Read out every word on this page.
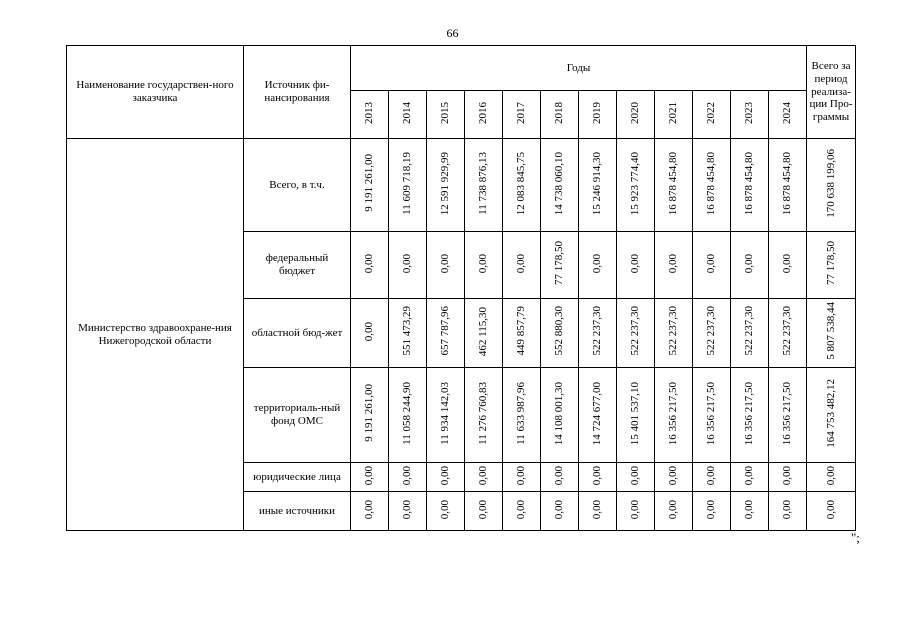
66
Наименование государствен-ного заказчика	Источник фи-нансирования	Годы												Всего за период реализа-ции Про-граммы
		2013	2014	2015	2016	2017	2018	2019	2020	2021	2022	2023	2024	
Министерство здравоохране-ния Нижегородской области	Всего, в т.ч.	9 191 261,00	11 609 718,19	12 591 929,99	11 738 876,13	12 083 845,75	14 738 060,10	15 246 914,30	15 923 774,40	16 878 454,80	16 878 454,80	16 878 454,80	16 878 454,80	170 638 199,06
	федеральный бюджет	0,00	0,00	0,00	0,00	0,00	77 178,50	0,00	0,00	0,00	0,00	0,00	0,00	77 178,50
	областной бюд-жет	0,00	551 473,29	657 787,96	462 115,30	449 857,79	552 880,30	522 237,30	522 237,30	522 237,30	522 237,30	522 237,30	522 237,30	5 807 538,44
	территориаль-ный фонд ОМС	9 191 261,00	11 058 244,90	11 934 142,03	11 276 760,83	11 633 987,96	14 108 001,30	14 724 677,00	15 401 537,10	16 356 217,50	16 356 217,50	16 356 217,50	16 356 217,50	164 753 482,12
	юридические лица	0,00	0,00	0,00	0,00	0,00	0,00	0,00	0,00	0,00	0,00	0,00	0,00	0,00
	иные источники	0,00	0,00	0,00	0,00	0,00	0,00	0,00	0,00	0,00	0,00	0,00	0,00	0,00
";
